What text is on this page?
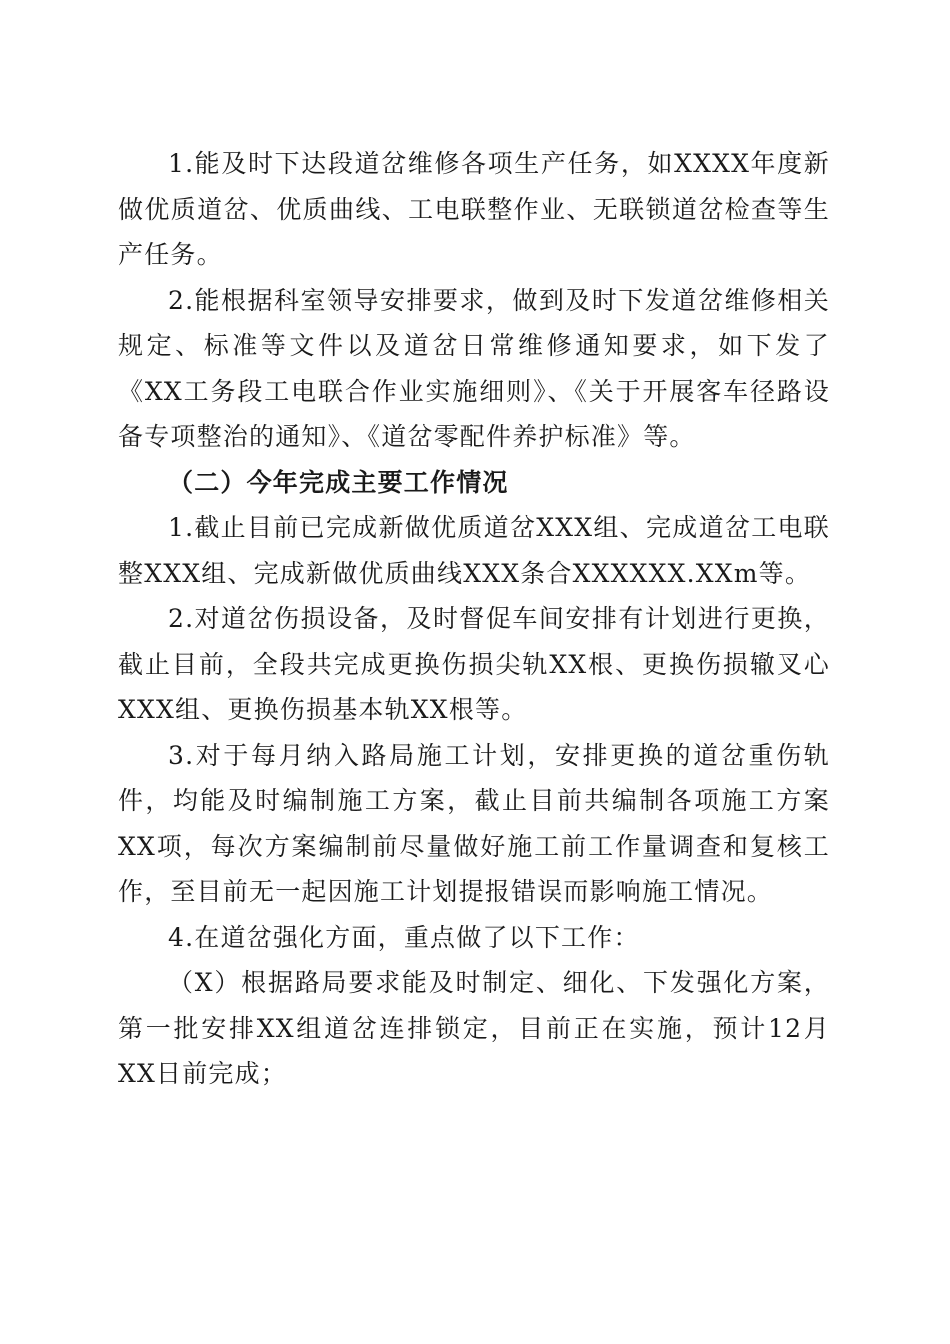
1.能及时下达段道岔维修各项生产任务，如XXXX年度新做优质道岔、优质曲线、工电联整作业、无联锁道岔检查等生产任务。

2.能根据科室领导安排要求，做到及时下发道岔维修相关规定、标准等文件以及道岔日常维修通知要求，如下发了《XX工务段工电联合作业实施细则》、《关于开展客车径路设备专项整治的通知》、《道岔零配件养护标准》等。

（二）今年完成主要工作情况

1.截止目前已完成新做优质道岔XXX组、完成道岔工电联整XXX组、完成新做优质曲线XXX条合XXXXXX.XXm等。

2.对道岔伤损设备，及时督促车间安排有计划进行更换，截止目前，全段共完成更换伤损尖轨XX根、更换伤损辙叉心XXX组、更换伤损基本轨XX根等。

3.对于每月纳入路局施工计划，安排更换的道岔重伤轨件，均能及时编制施工方案，截止目前共编制各项施工方案XX项，每次方案编制前尽量做好施工前工作量调查和复核工作，至目前无一起因施工计划提报错误而影响施工情况。

4.在道岔强化方面，重点做了以下工作：

（X）根据路局要求能及时制定、细化、下发强化方案，第一批安排XX组道岔连排锁定，目前正在实施，预计12月XX日前完成；
